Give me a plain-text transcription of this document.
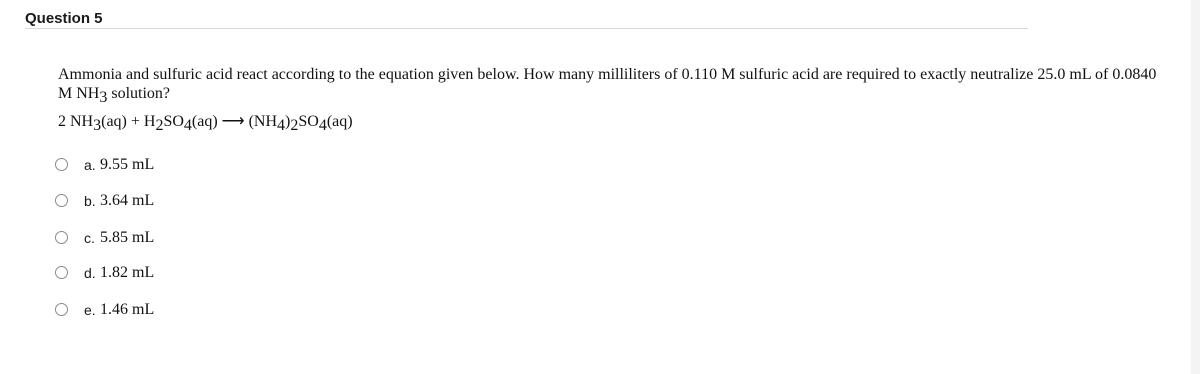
Question 5
Ammonia and sulfuric acid react according to the equation given below. How many milliliters of 0.110 M sulfuric acid are required to exactly neutralize 25.0 mL of 0.0840
M NH3 solution?
2 NH3(aq) + H2SO4(aq) ⟶ (NH4)2SO4(aq)
a. 9.55 mL
b. 3.64 mL
c. 5.85 mL
d. 1.82 mL
e. 1.46 mL
